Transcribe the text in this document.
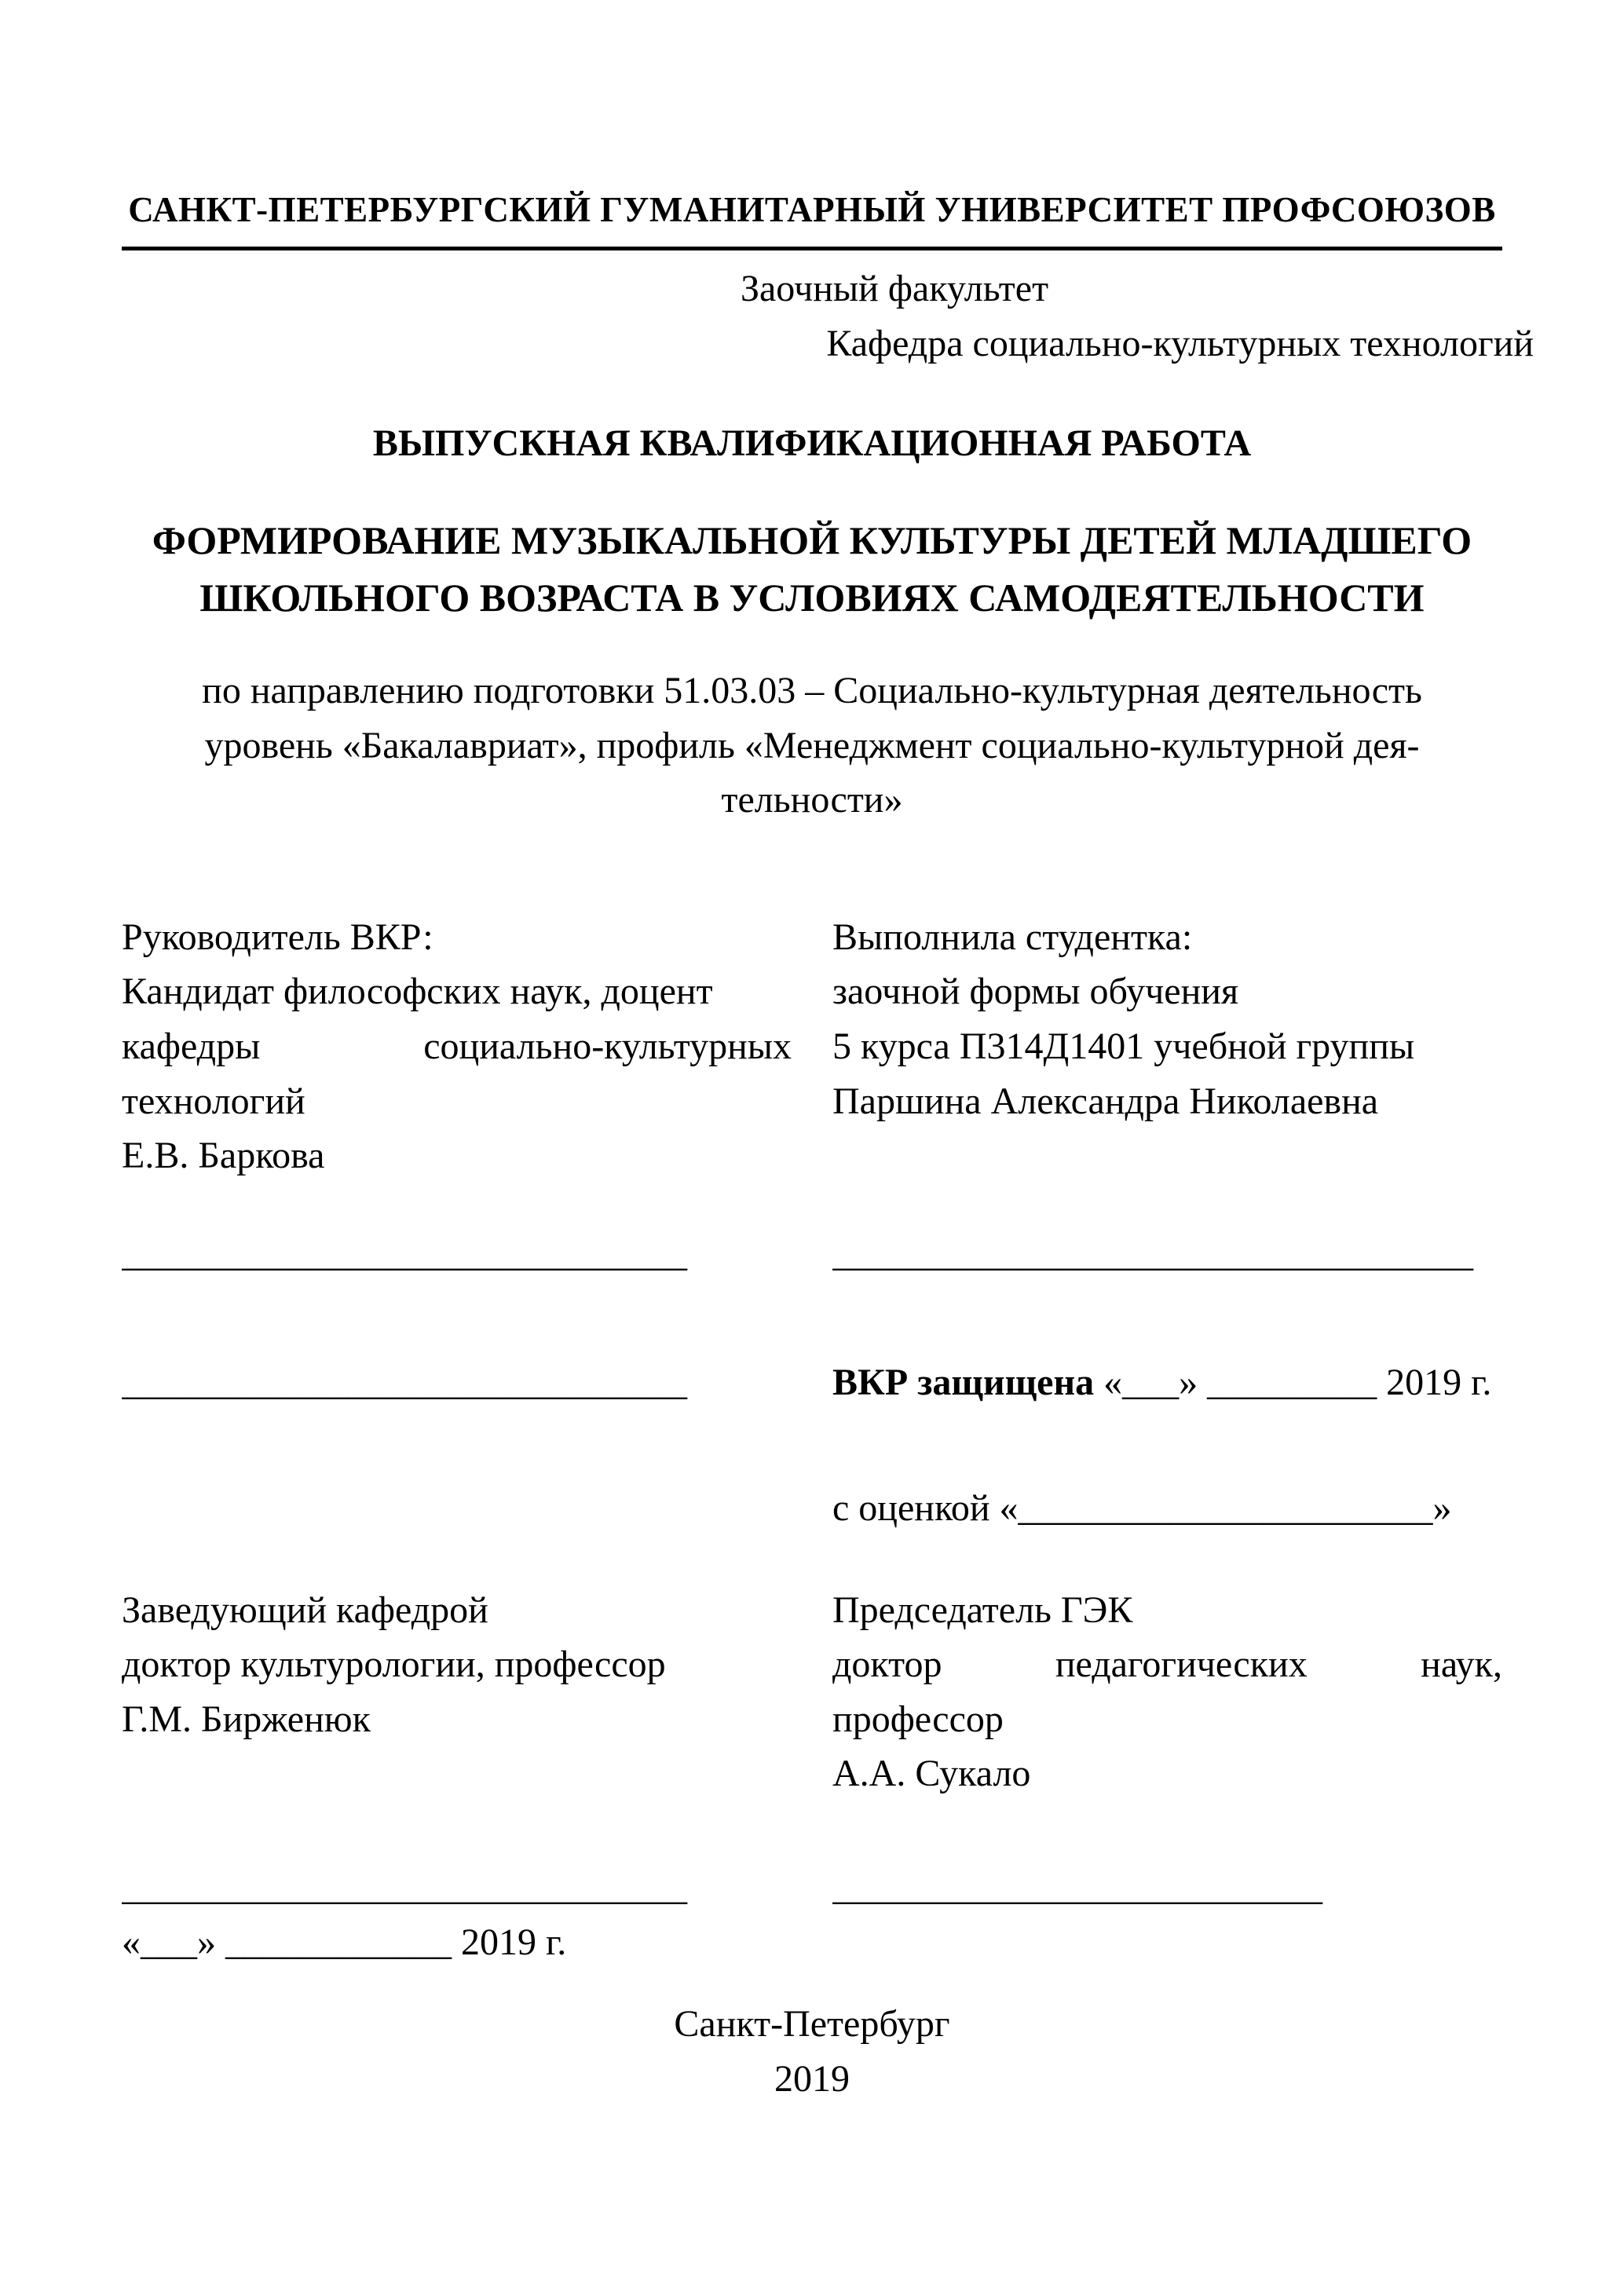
САНКТ-ПЕТЕРБУРГСКИЙ ГУМАНИТАРНЫЙ УНИВЕРСИТЕТ ПРОФСОЮЗОВ
Заочный факультет
Кафедра социально-культурных технологий
ВЫПУСКНАЯ КВАЛИФИКАЦИОННАЯ РАБОТА
ФОРМИРОВАНИЕ МУЗЫКАЛЬНОЙ КУЛЬТУРЫ ДЕТЕЙ МЛАДШЕГО
ШКОЛЬНОГО ВОЗРАСТА В УСЛОВИЯХ САМОДЕЯТЕЛЬНОСТИ
по направлению подготовки 51.03.03 – Социально-культурная деятельность
уровень «Бакалавриат», профиль «Менеджмент социально-культурной дея-
тельности»
Руководитель ВКР:
Кандидат философских наук, доцент
кафедры социально-культурных
технологий
Е.В. Баркова
Выполнила студентка:
заочной формы обучения
5 курса П314Д1401 учебной группы
Паршина Александра Николаевна
______________________________	__________________________________
______________________________	ВКР защищена «___» _________ 2019 г.
с оценкой «______________________»
Заведующий кафедрой
доктор культурологии, профессор
Г.М. Бирженюк
Председатель ГЭК
доктор педагогических наук,
профессор
А.А. Сукало
______________________________
«___» ____________ 2019 г.
__________________________
Санкт-Петербург
2019
